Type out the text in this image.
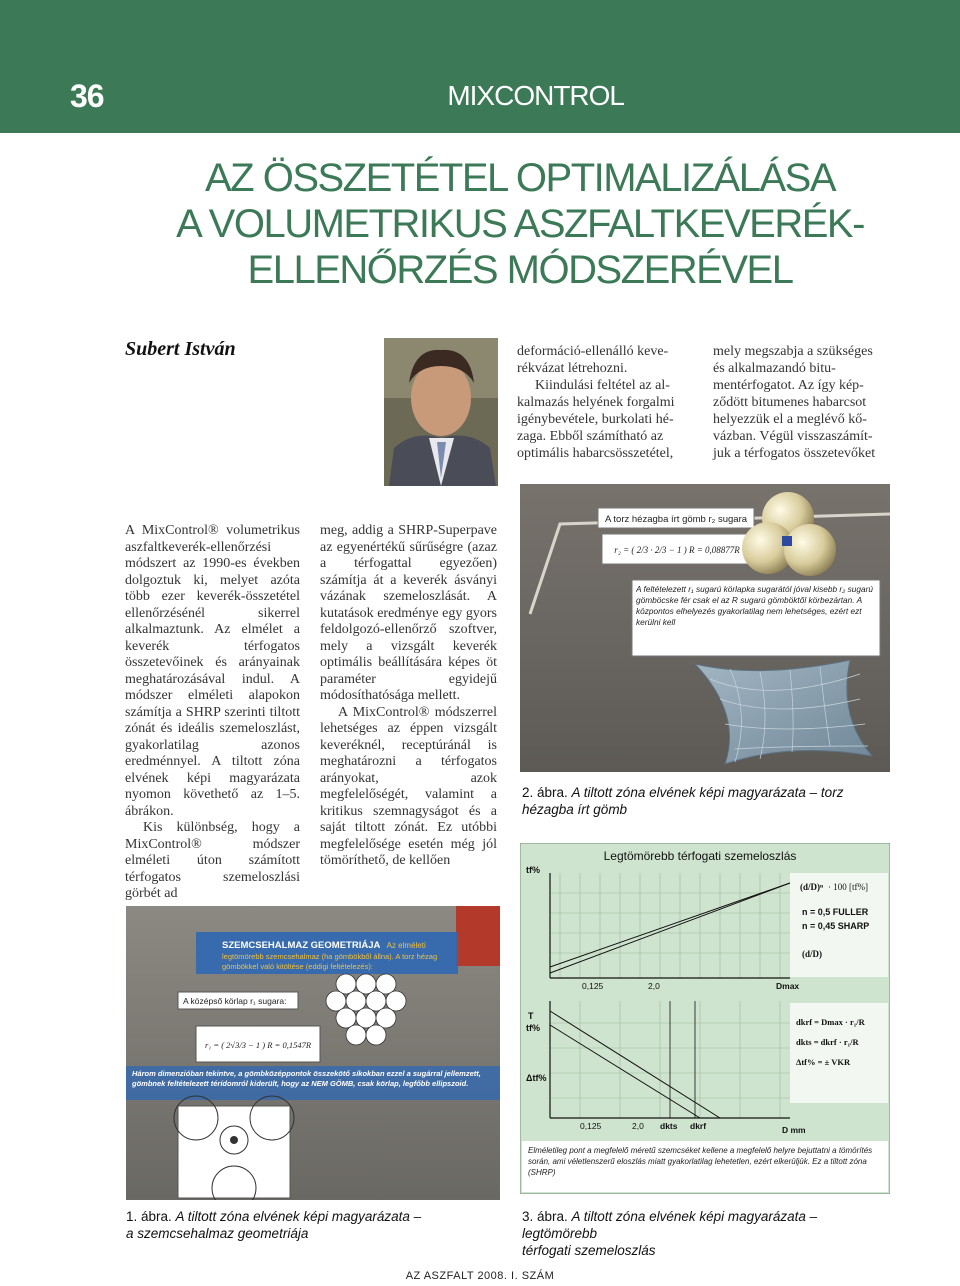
36	MIXCONTROL
AZ ÖSSZETÉTEL OPTIMALIZÁLÁSA
A VOLUMETRIKUS ASZFALTKEVERÉK-
ELLENŐRZÉS MÓDSZERÉVEL
Subert István	deformáció-ellenálló keve-
rékvázat létrehozni.
Kiindulási feltétel az al-
kalmazás helyének forgalmi
igénybevétele, burkolati hé-
zaga. Ebből számítható az
optimális habarcsösszetétel,
mely megszabja a szükséges
és alkalmazandó bitu-
mentérfogatot. Az így kép-
ződött bitumenes habarcsot
helyezzük el a meglévő kő-
vázban. Végül visszaszámít-
juk a térfogatos összetevőket

A MixControl® volumetrikus aszfaltkeverék-ellenőrzési módszert az 1990-es években dolgoztuk ki, melyet azóta több ezer keverék-összetétel ellenőrzésénél sikerrel alkalmaztunk. Az elmélet a keverék térfogatos összetevőinek és arányainak meghatározásával indul. A módszer elméleti alapokon számítja a SHRP szerinti tiltott zónát és ideális szemeloszlást, gyakorlatilag azonos eredménnyel. A tiltott zóna elvének képi magyarázata nyomon követhető az 1–5. ábrákon.

Kis különbség, hogy a MixControl® módszer elméleti úton számított térfogatos szemeloszlási görbét ad

meg, addig a SHRP-Superpave az egyenértékű sűrűségre (azaz a térfogattal egyezően) számítja át a keverék ásványi vázának szemeloszlását. A kutatások eredménye egy gyors feldolgozó-ellenőrző szoftver, mely a vizsgált keverék optimális beállítására képes öt paraméter egyidejű módosíthatósága mellett.

A MixControl® módszerrel lehetséges az éppen vizsgált keveréknél, receptúránál is meghatározni a térfogatos arányokat, azok megfelelőségét, valamint a kritikus szemnagyságot és a saját tiltott zónát. Ez utóbbi megfelelősége esetén még jól tömöríthető, de kellően

A torz hézagba írt gömb r₂ sugara
r₂ = ( 2/3 · 2/3 − 1 ) R = 0,08877R
A feltételezett r₁ sugarú körlapka sugarától jóval kisebb r₂ sugarú gömböcske fér csak el az R sugarú gömböktől körbezártan. A központos elhelyezés gyakorlatilag nem lehetséges, ezért ezt kerülni kell
2. ábra. A tiltott zóna elvének képi magyarázata – torz hézagba írt gömb
SZEMCSEHALMAZ GEOMETRIÁJA Az elméleti
legtömörebb szemcsehalmaz (ha gömbökből állna). A torz hézag
gömbökkel való kitöltése (eddigi feltételezés):
A középső körlap r₁ sugara:
r₁ = ( 2√3/3 − 1 ) R = 0,1547R
Három dimenzióban tekintve, a gömbközéppontok összekötő síkokban ezzel a sugárral jellemzett, gömbnek feltételezett térídomról kiderült, hogy az NEM GÖMB, csak körlap, legfőbb ellipszoid.
1. ábra. A tiltott zóna elvének képi magyarázata –
a szemcsehalmaz geometriája
Legtömörebb térfogati szemeloszlás
tf%
(d/D)ⁿ · 100 [tf%]
n = 0,5 FULLER
n = 0,45 SHARP
(d/D)
0,125	2,0	Dmax
T
tf%
Δtf%
dkrf = Dmax · r₁/R
dkts = dkrf · r₁/R
Δtf% = ± VKR
0,125	2,0 dkts dkrf	D mm
Elméletileg pont a megfelelő méretű szemcséket kellene a megfelelő helyre bejuttatni a tömörítés során, ami véletlenszerű eloszlás miatt gyakorlatilag lehetetlen, ezért elkerüljük. Ez a tiltott zóna (SHRP)
3. ábra. A tiltott zóna elvének képi magyarázata – legtömörebb
térfogati szemeloszlás
AZ ASZFALT 2008. I. SZÁM
